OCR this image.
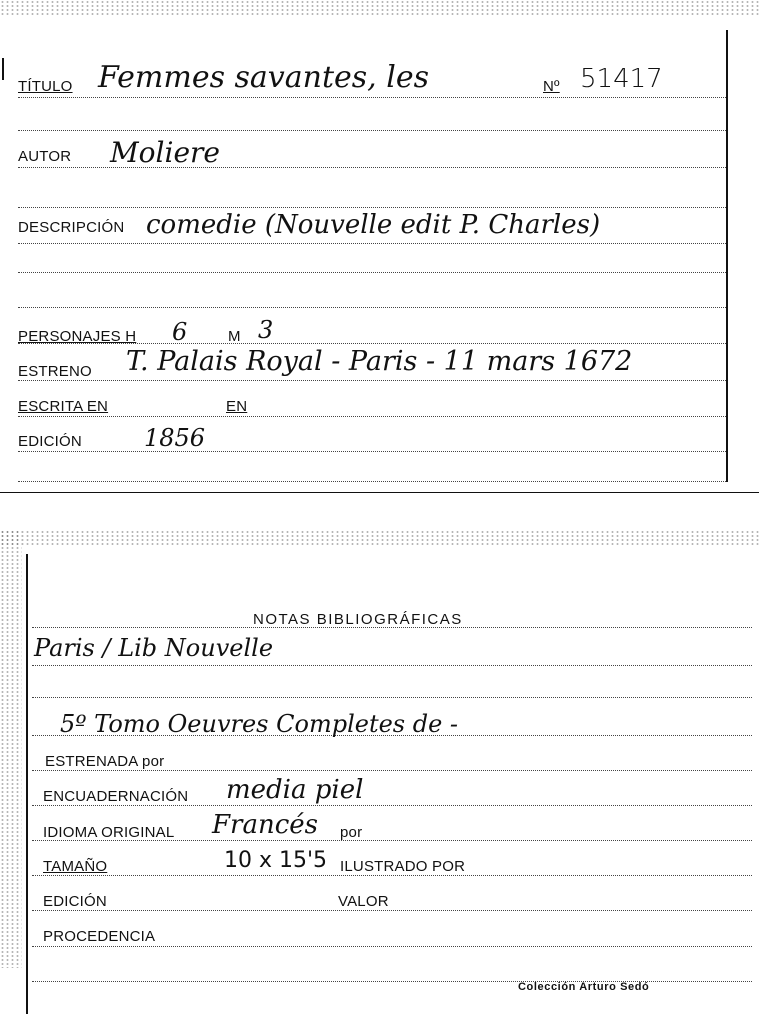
TÍTULO Femmes savantes, les	Nº 51417
AUTOR Moliere
DESCRIPCIÓN comedie (Nouvelle edit P. Charles)
PERSONAJES H 6	M 3
ESTRENO T. Palais Royal - Paris - 11 mars 1672
ESCRITA EN	EN
EDICIÓN	1856
NOTAS BIBLIOGRÁFICAS
Paris / Lib Nouvelle
5º Tomo Oeuvres Completes de -
ESTRENADA por
ENCUADERNACIÓN media piel
IDIOMA ORIGINAL Francés por
TAMAÑO	10 x 15'5 ILUSTRADO POR
EDICIÓN	VALOR
PROCEDENCIA
Colección Arturo Sedó
